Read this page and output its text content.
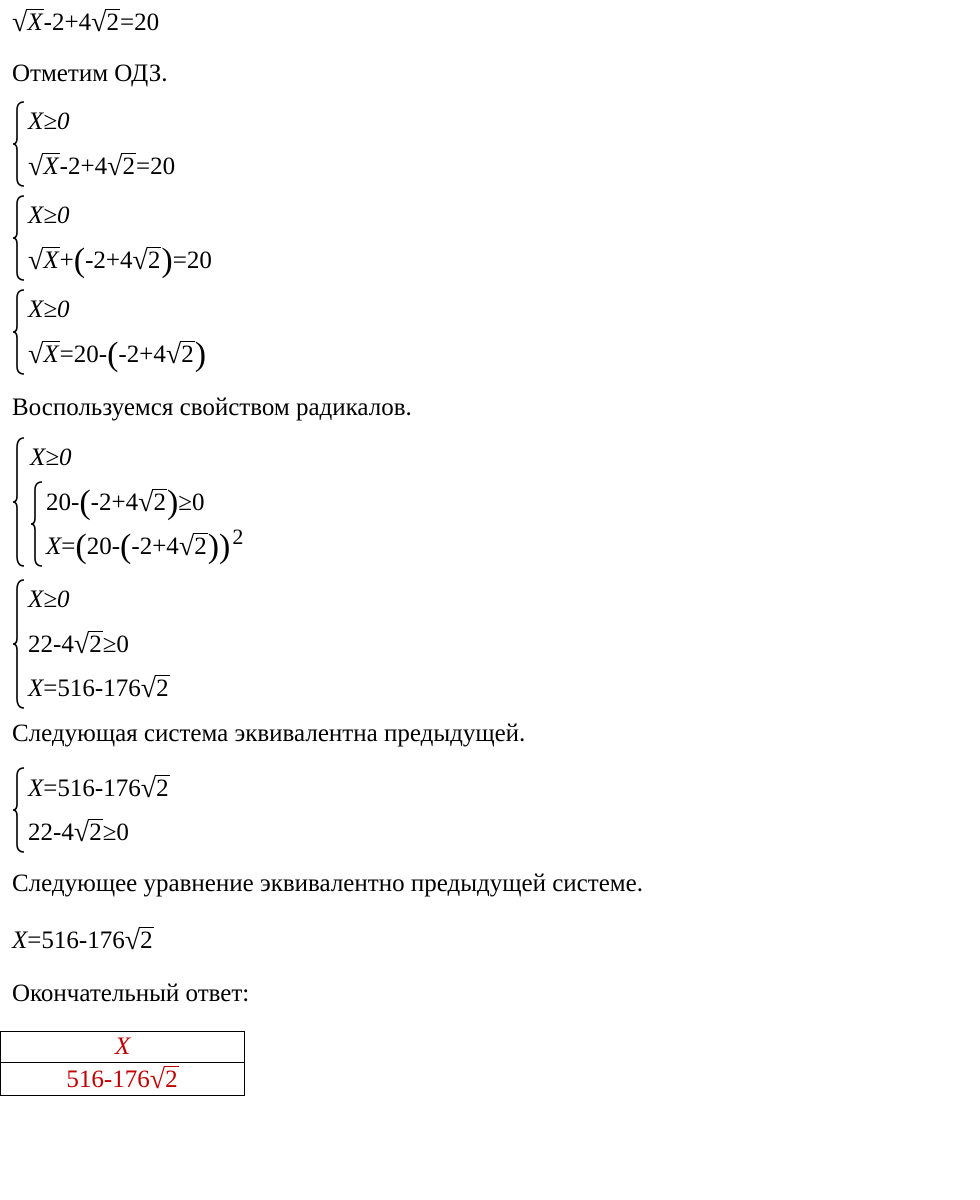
√ X -2+4 √ 2 =20
Отметим ОДЗ.
X≥0
√ X -2+4 √ 2 =20
X≥0
√ X + ( -2+4 √ 2 ) =20
X≥0
√ X =20- ( -2+4 √ 2 )
Воспользуемся свойством радикалов.
X≥0
20- ( -2+4 √ 2 ) ≥0
X = ( 20- ( -2+4 √ 2 ) ) 2
X≥0
22-4 √ 2 ≥0
X =516-176 √ 2
Следующая система эквивалентна предыдущей.
X =516-176 √ 2
22-4 √ 2 ≥0
Следующее уравнение эквивалентно предыдущей системе.
X =516-176 √ 2
Окончательный ответ:
X
516-176 √ 2
